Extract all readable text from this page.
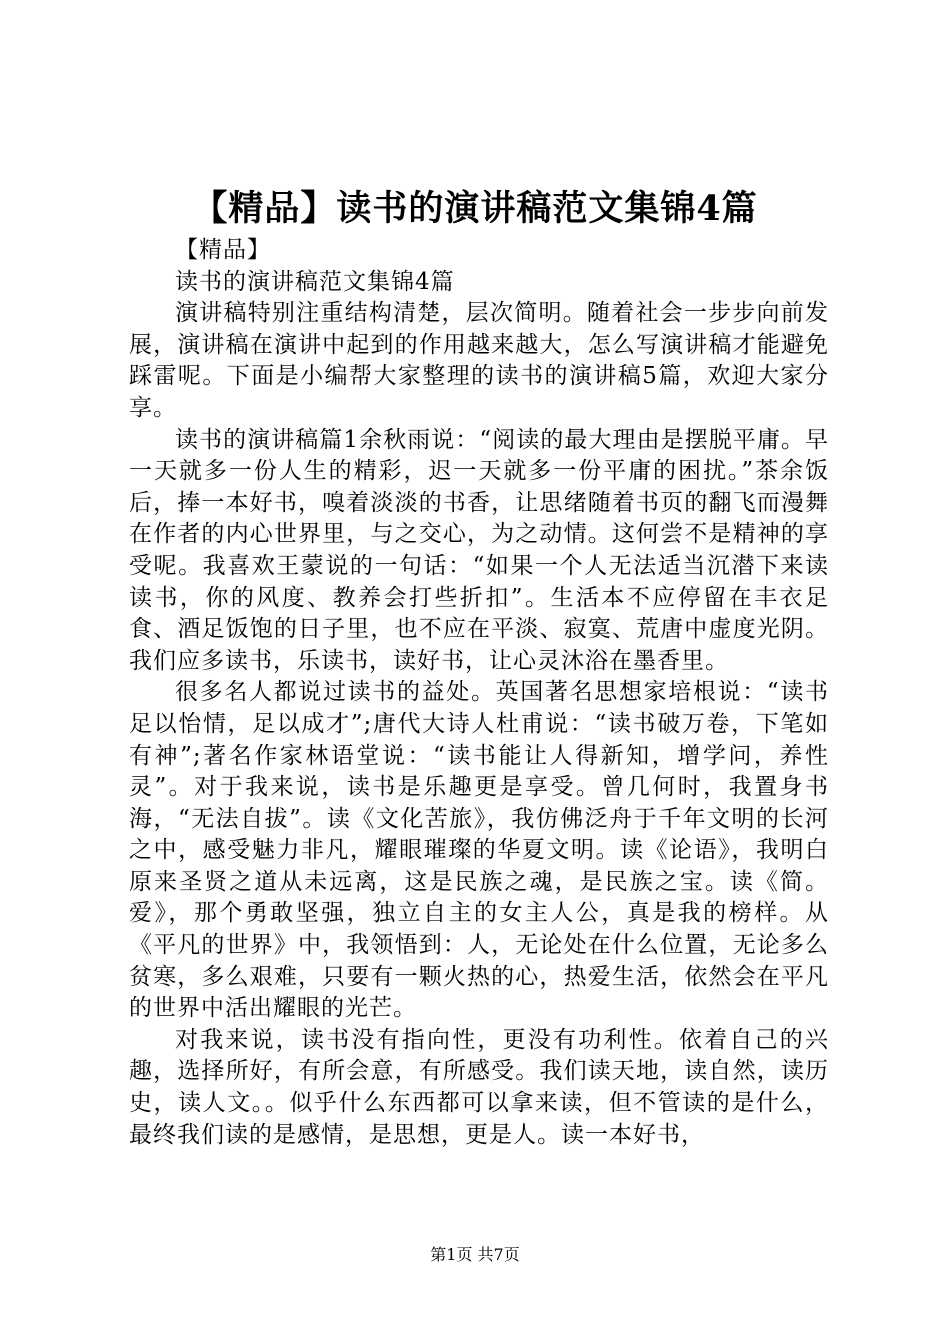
【精品】读书的演讲稿范文集锦4篇

【精品】

读书的演讲稿范文集锦4篇

演讲稿特别注重结构清楚，层次简明。随着社会一步步向前发展，演讲稿在演讲中起到的作用越来越大，怎么写演讲稿才能避免踩雷呢。下面是小编帮大家整理的读书的演讲稿5篇，欢迎大家分享。

读书的演讲稿篇1余秋雨说：“阅读的最大理由是摆脱平庸。早一天就多一份人生的精彩，迟一天就多一份平庸的困扰。”茶余饭后，捧一本好书，嗅着淡淡的书香，让思绪随着书页的翻飞而漫舞在作者的内心世界里，与之交心，为之动情。这何尝不是精神的享受呢。我喜欢王蒙说的一句话：“如果一个人无法适当沉潜下来读读书，你的风度、教养会打些折扣”。生活本不应停留在丰衣足食、酒足饭饱的日子里，也不应在平淡、寂寞、荒唐中虚度光阴。我们应多读书，乐读书，读好书，让心灵沐浴在墨香里。

很多名人都说过读书的益处。英国著名思想家培根说：“读书足以怡情，足以成才”;唐代大诗人杜甫说：“读书破万卷，下笔如有神”;著名作家林语堂说：“读书能让人得新知，增学问，养性灵”。对于我来说，读书是乐趣更是享受。曾几何时，我置身书海，“无法自拔”。读《文化苦旅》，我仿佛泛舟于千年文明的长河之中，感受魅力非凡，耀眼璀璨的华夏文明。读《论语》，我明白原来圣贤之道从未远离，这是民族之魂，是民族之宝。读《简。爱》，那个勇敢坚强，独立自主的女主人公，真是我的榜样。从《平凡的世界》中，我领悟到：人，无论处在什么位置，无论多么贫寒，多么艰难，只要有一颗火热的心，热爱生活，依然会在平凡的世界中活出耀眼的光芒。

对我来说，读书没有指向性，更没有功利性。依着自己的兴趣，选择所好，有所会意，有所感受。我们读天地，读自然，读历史，读人文。。似乎什么东西都可以拿来读，但不管读的是什么，最终我们读的是感情，是思想，更是人。读一本好书，

第1页 共7页
